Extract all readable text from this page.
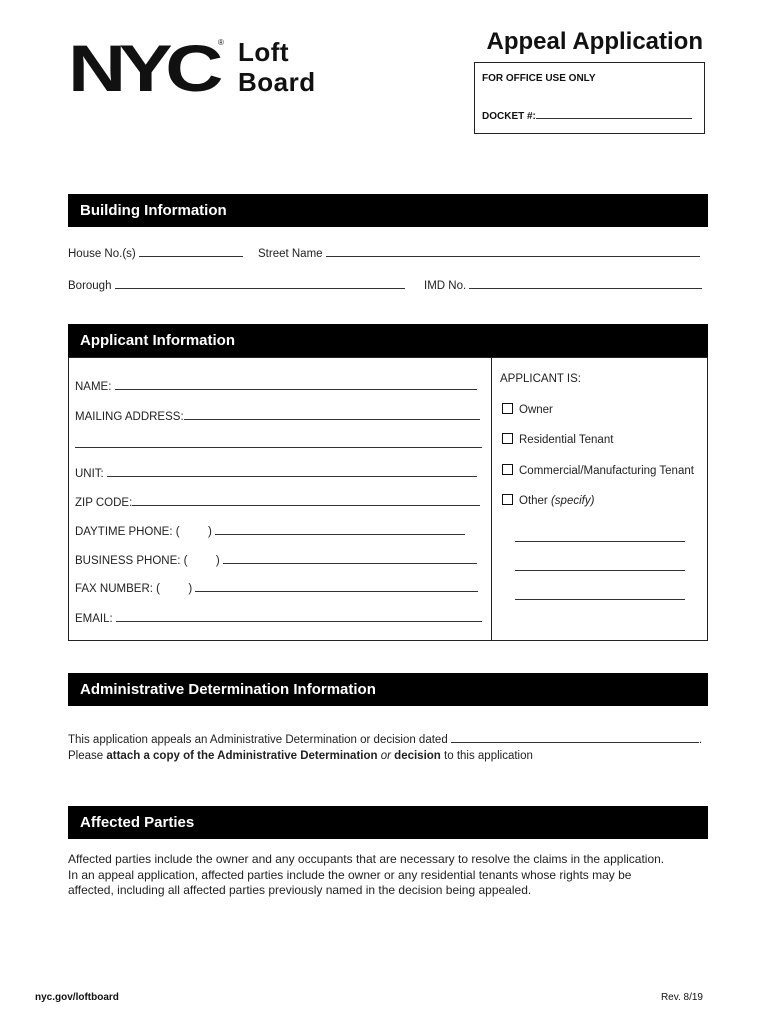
NYC ® Loft
Board
Appeal Application
FOR OFFICE USE ONLY
DOCKET #:
Building Information
House No.(s)	Street Name
Borough	IMD No.
Applicant Information
NAME:
MAILING ADDRESS:
UNIT:
ZIP CODE:
DAYTIME PHONE: ( )
BUSINESS PHONE: ( )
FAX NUMBER: ( )
EMAIL:
APPLICANT IS:
Owner
Residential Tenant
Commercial/Manufacturing Tenant
Other (specify)
Administrative Determination Information
This application appeals an Administrative Determination or decision dated	.
Please attach a copy of the Administrative Determination or decision to this application
Affected Parties
Affected parties include the owner and any occupants that are necessary to resolve the claims in the application.
In an appeal application, affected parties include the owner or any residential tenants whose rights may be
affected, including all affected parties previously named in the decision being appealed.
nyc.gov/loftboard	Rev. 8/19
